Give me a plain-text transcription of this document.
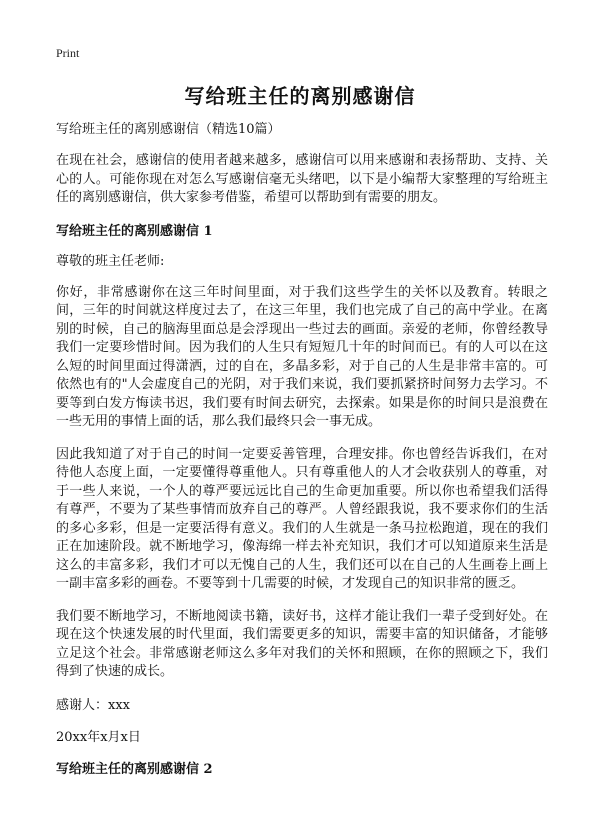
Print
写给班主任的离别感谢信

写给班主任的离别感谢信（精选10篇）

在现在社会，感谢信的使用者越来越多，感谢信可以用来感谢和表扬帮助、支持、关心的人。可能你现在对怎么写感谢信毫无头绪吧，以下是小编帮大家整理的写给班主任的离别感谢信，供大家参考借鉴，希望可以帮助到有需要的朋友。

写给班主任的离别感谢信 1

尊敬的班主任老师:

你好，非常感谢你在这三年时间里面，对于我们这些学生的关怀以及教育。转眼之间，三年的时间就这样度过去了，在这三年里，我们也完成了自己的高中学业。在离别的时候，自己的脑海里面总是会浮现出一些过去的画面。亲爱的老师，你曾经教导我们一定要珍惜时间。因为我们的人生只有短短几十年的时间而已。有的人可以在这么短的时间里面过得潇洒，过的自在，多晶多彩，对于自己的人生是非常丰富的。可依然也有的"人会虚度自己的光阴，对于我们来说，我们要抓紧挤时间努力去学习。不要等到白发方悔读书迟，我们要有时间去研究，去探索。如果是你的时间只是浪费在一些无用的事情上面的话，那么我们最终只会一事无成。

因此我知道了对于自己的时间一定要妥善管理，合理安排。你也曾经告诉我们，在对待他人态度上面，一定要懂得尊重他人。只有尊重他人的人才会收获别人的尊重，对于一些人来说，一个人的尊严要远远比自己的生命更加重要。所以你也希望我们活得有尊严，不要为了某些事情而放弃自己的尊严。人曾经跟我说，我不要求你们的生活的多心多彩，但是一定要活得有意义。我们的人生就是一条马拉松跑道，现在的我们正在加速阶段。就不断地学习，像海绵一样去补充知识，我们才可以知道原来生活是这么的丰富多彩，我们才可以无愧自己的人生，我们还可以在自己的人生画卷上画上一副丰富多彩的画卷。不要等到十几需要的时候，才发现自己的知识非常的匮乏。

我们要不断地学习，不断地阅读书籍，读好书，这样才能让我们一辈子受到好处。在现在这个快速发展的时代里面，我们需要更多的知识，需要丰富的知识储备，才能够立足这个社会。非常感谢老师这么多年对我们的关怀和照顾，在你的照顾之下，我们得到了快速的成长。

感谢人：xxx

20xx年x月x日

写给班主任的离别感谢信 2
